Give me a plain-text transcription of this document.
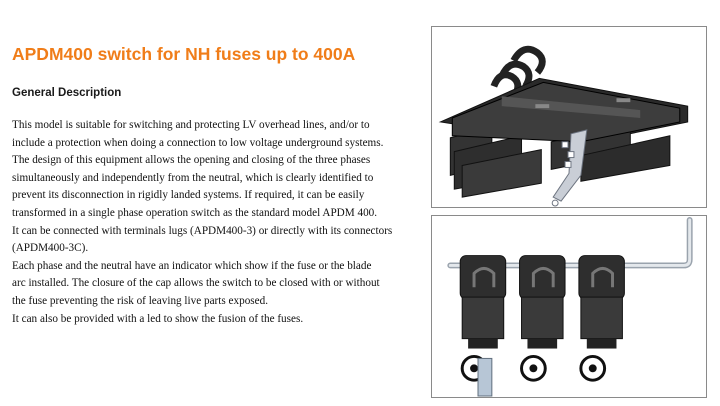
APDM400 switch for NH fuses up to 400A
General Description
This model is suitable for switching and protecting LV overhead lines, and/or to
include a protection when doing a connection to low voltage underground systems.
The design of this equipment allows the opening and closing of the three phases
simultaneously and independently from the neutral, which is clearly identified to
prevent its disconnection in rigidly landed systems. If required, it can be easily
transformed in a single phase operation switch as the standard model APDM 400.
It can be connected with terminals lugs (APDM400-3) or directly with its connectors
(APDM400-3C).
Each phase and the neutral have an indicator which show if the fuse or the blade
arc installed. The closure of the cap allows the switch to be closed with or without
the fuse preventing the risk of leaving live parts exposed.
It can also be provided with a led to show the fusion of the fuses.
